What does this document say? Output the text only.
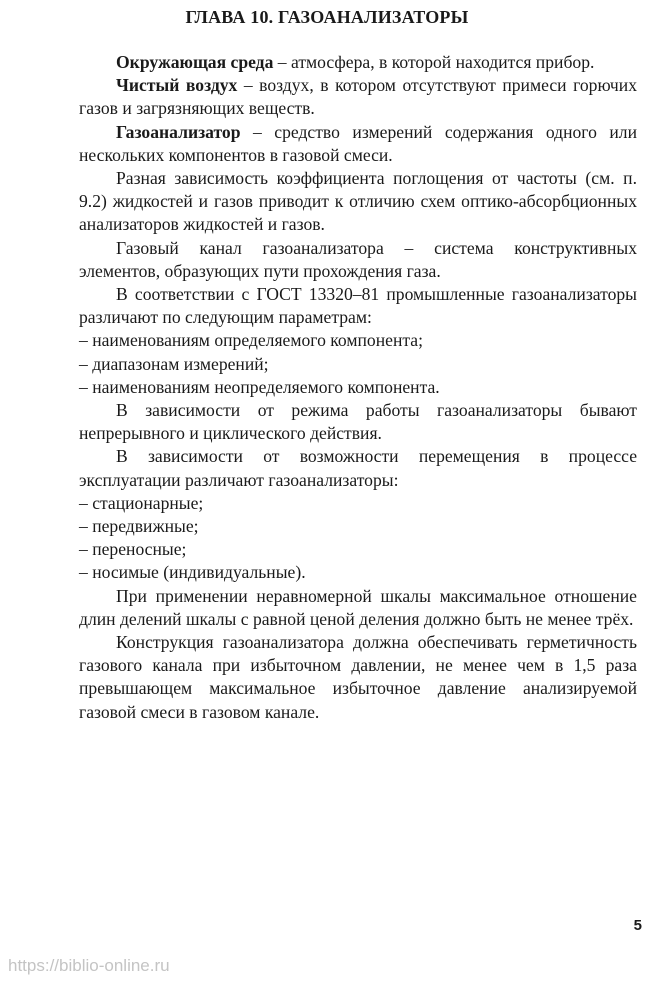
ГЛАВА 10. ГАЗОАНАЛИЗАТОРЫ

Окружающая среда – атмосфера, в которой находится прибор.

Чистый воздух – воздух, в котором отсутствуют примеси горючих газов и загрязняющих веществ.

Газоанализатор – средство измерений содержания одного или нескольких компонентов в газовой смеси.

Разная зависимость коэффициента поглощения от частоты (см. п. 9.2) жидкостей и газов приводит к отличию схем оптико-абсорбционных анализаторов жидкостей и газов.

Газовый канал газоанализатора – система конструктивных элементов, образующих пути прохождения газа.

В соответствии с ГОСТ 13320–81 промышленные газоанализаторы различают по следующим параметрам:

– наименованиям определяемого компонента;

– диапазонам измерений;

– наименованиям неопределяемого компонента.

В зависимости от режима работы газоанализаторы бывают непрерывного и циклического действия.

В зависимости от возможности перемещения в процессе эксплуатации различают газоанализаторы:

– стационарные;

– передвижные;

– переносные;

– носимые (индивидуальные).

При применении неравномерной шкалы максимальное отношение длин делений шкалы с равной ценой деления должно быть не менее трёх.

Конструкция газоанализатора должна обеспечивать герметичность газового канала при избыточном давлении, не менее чем в 1,5 раза превышающем максимальное избыточное давление анализируемой газовой смеси в газовом канале.

5
https://biblio-online.ru
